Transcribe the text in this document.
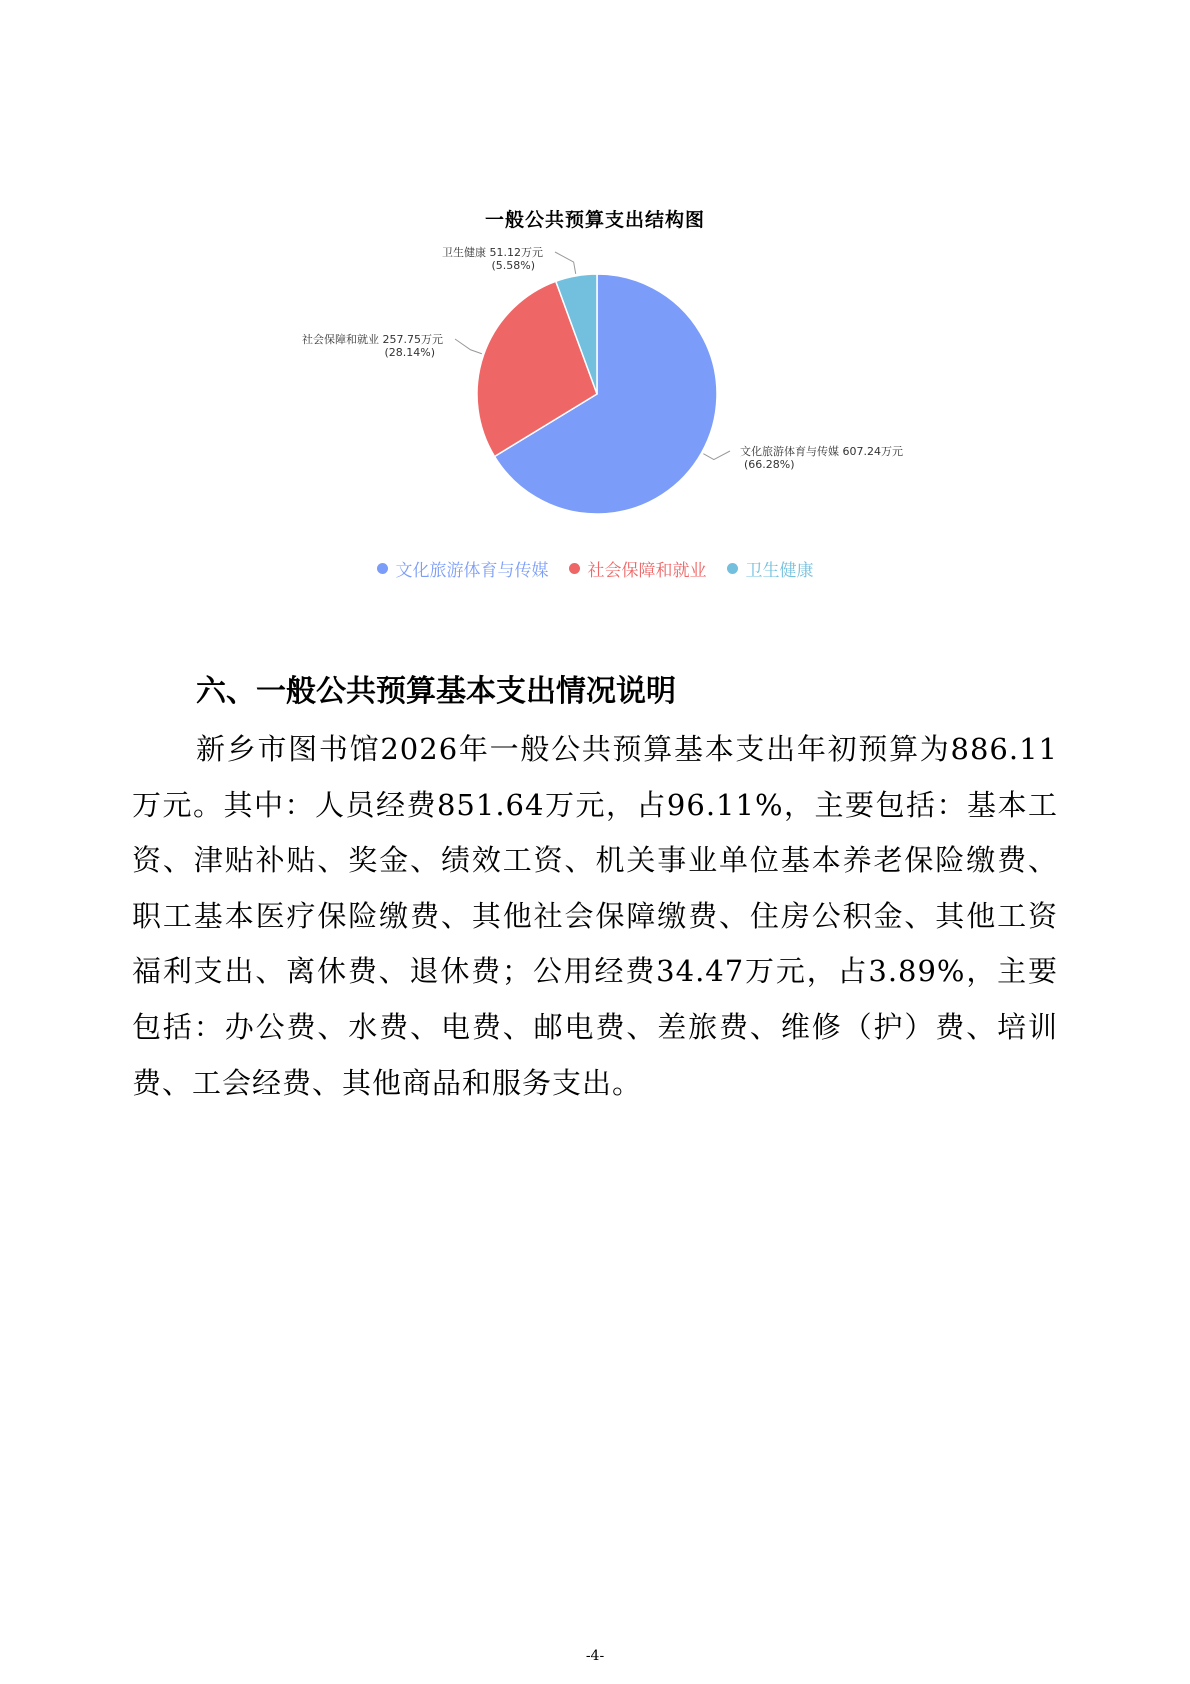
一般公共预算支出结构图
文化旅游体育与传媒 607.24万元
(66.28%)
社会保障和就业 257.75万元
(28.14%)
卫生健康 51.12万元
(5.58%)
文化旅游体育与传媒 社会保障和就业 卫生健康
六、一般公共预算基本支出情况说明

新乡市图书馆2026年一般公共预算基本支出年初预算为886.11万元。其中：人员经费851.64万元，占96.11%，主要包括：基本工资、津贴补贴、奖金、绩效工资、机关事业单位基本养老保险缴费、职工基本医疗保险缴费、其他社会保障缴费、住房公积金、其他工资福利支出、离休费、退休费；公用经费34.47万元，占3.89%，主要包括：办公费、水费、电费、邮电费、差旅费、维修（护）费、培训费、工会经费、其他商品和服务支出。

-4-
